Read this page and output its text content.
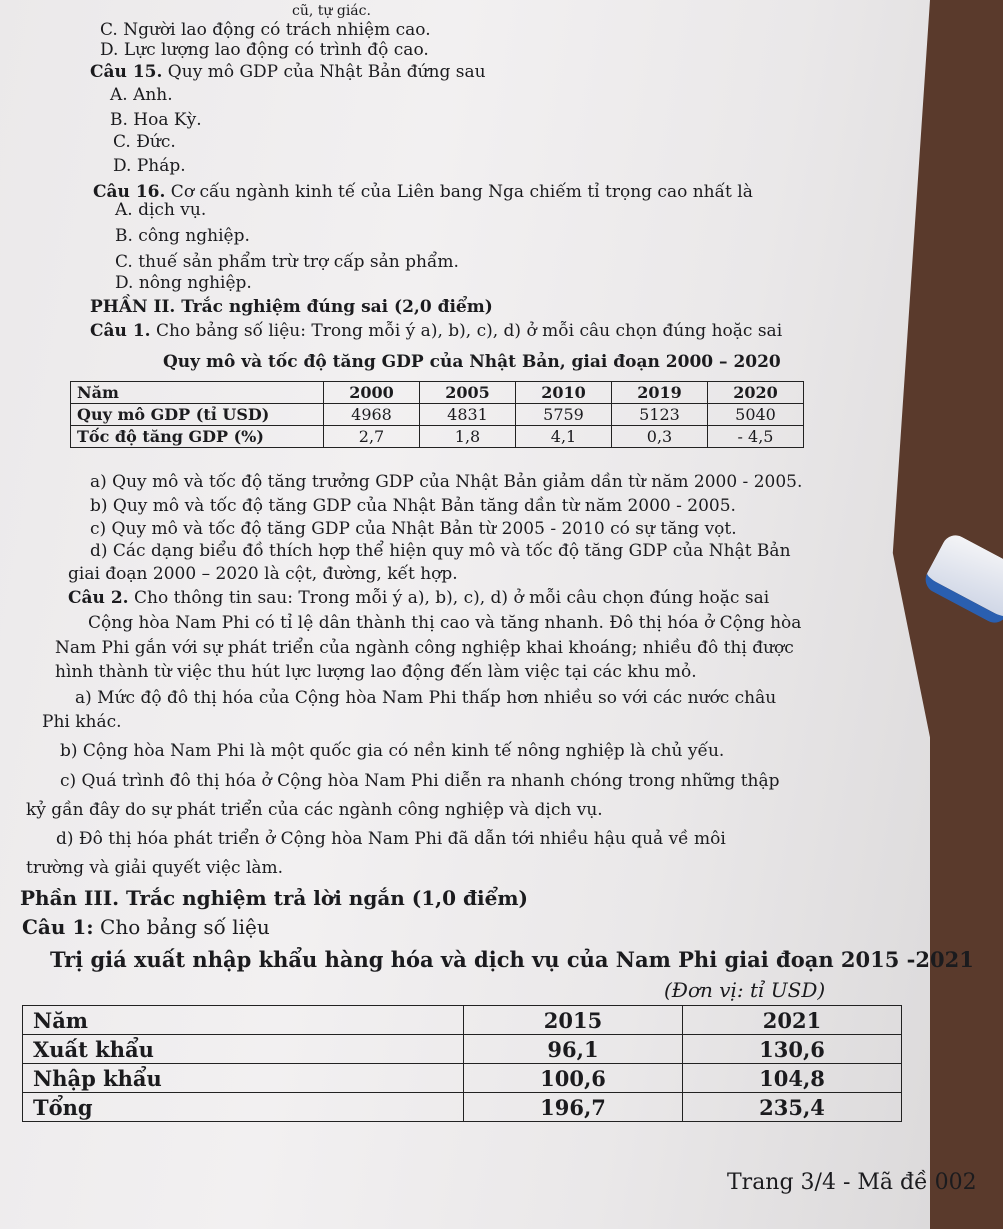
cũ, tự giác.
C. Người lao động có trách nhiệm cao.
D. Lực lượng lao động có trình độ cao.
Câu 15. Quy mô GDP của Nhật Bản đứng sau
A. Anh.
B. Hoa Kỳ.
C. Đức.
D. Pháp.
Câu 16. Cơ cấu ngành kinh tế của Liên bang Nga chiếm tỉ trọng cao nhất là
A. dịch vụ.
B. công nghiệp.
C. thuế sản phẩm trừ trợ cấp sản phẩm.
D. nông nghiệp.
PHẦN II. Trắc nghiệm đúng sai (2,0 điểm)
Câu 1. Cho bảng số liệu: Trong mỗi ý a), b), c), d) ở mỗi câu chọn đúng hoặc sai
Quy mô và tốc độ tăng GDP của Nhật Bản, giai đoạn 2000 – 2020
a) Quy mô và tốc độ tăng trưởng GDP của Nhật Bản giảm dần từ năm 2000 - 2005.
b) Quy mô và tốc độ tăng GDP của Nhật Bản tăng dần từ năm 2000 - 2005.
c) Quy mô và tốc độ tăng GDP của Nhật Bản từ 2005 - 2010 có sự tăng vọt.
d) Các dạng biểu đồ thích hợp thể hiện quy mô và tốc độ tăng GDP của Nhật Bản
giai đoạn 2000 – 2020 là cột, đường, kết hợp.
Câu 2. Cho thông tin sau: Trong mỗi ý a), b), c), d) ở mỗi câu chọn đúng hoặc sai
Cộng hòa Nam Phi có tỉ lệ dân thành thị cao và tăng nhanh. Đô thị hóa ở Cộng hòa
Nam Phi gắn với sự phát triển của ngành công nghiệp khai khoáng; nhiều đô thị được
hình thành từ việc thu hút lực lượng lao động đến làm việc tại các khu mỏ.
a) Mức độ đô thị hóa của Cộng hòa Nam Phi thấp hơn nhiều so với các nước châu
Phi khác.
b) Cộng hòa Nam Phi là một quốc gia có nền kinh tế nông nghiệp là chủ yếu.
c) Quá trình đô thị hóa ở Cộng hòa Nam Phi diễn ra nhanh chóng trong những thập
kỷ gần đây do sự phát triển của các ngành công nghiệp và dịch vụ.
d) Đô thị hóa phát triển ở Cộng hòa Nam Phi đã dẫn tới nhiều hậu quả về môi
trường và giải quyết việc làm.
Phần III. Trắc nghiệm trả lời ngắn (1,0 điểm)
Câu 1: Cho bảng số liệu
Trị giá xuất nhập khẩu hàng hóa và dịch vụ của Nam Phi giai đoạn 2015 -2021
(Đơn vị: tỉ USD)
Trang 3/4 - Mã đề 002
Năm	2000	2005	2010	2019	2020
Quy mô GDP (tỉ USD)	4968	4831	5759	5123	5040
Tốc độ tăng GDP (%)	2,7	1,8	4,1	0,3	- 4,5
Năm	2015	2021
Xuất khẩu	96,1	130,6
Nhập khẩu	100,6	104,8
Tổng	196,7	235,4
